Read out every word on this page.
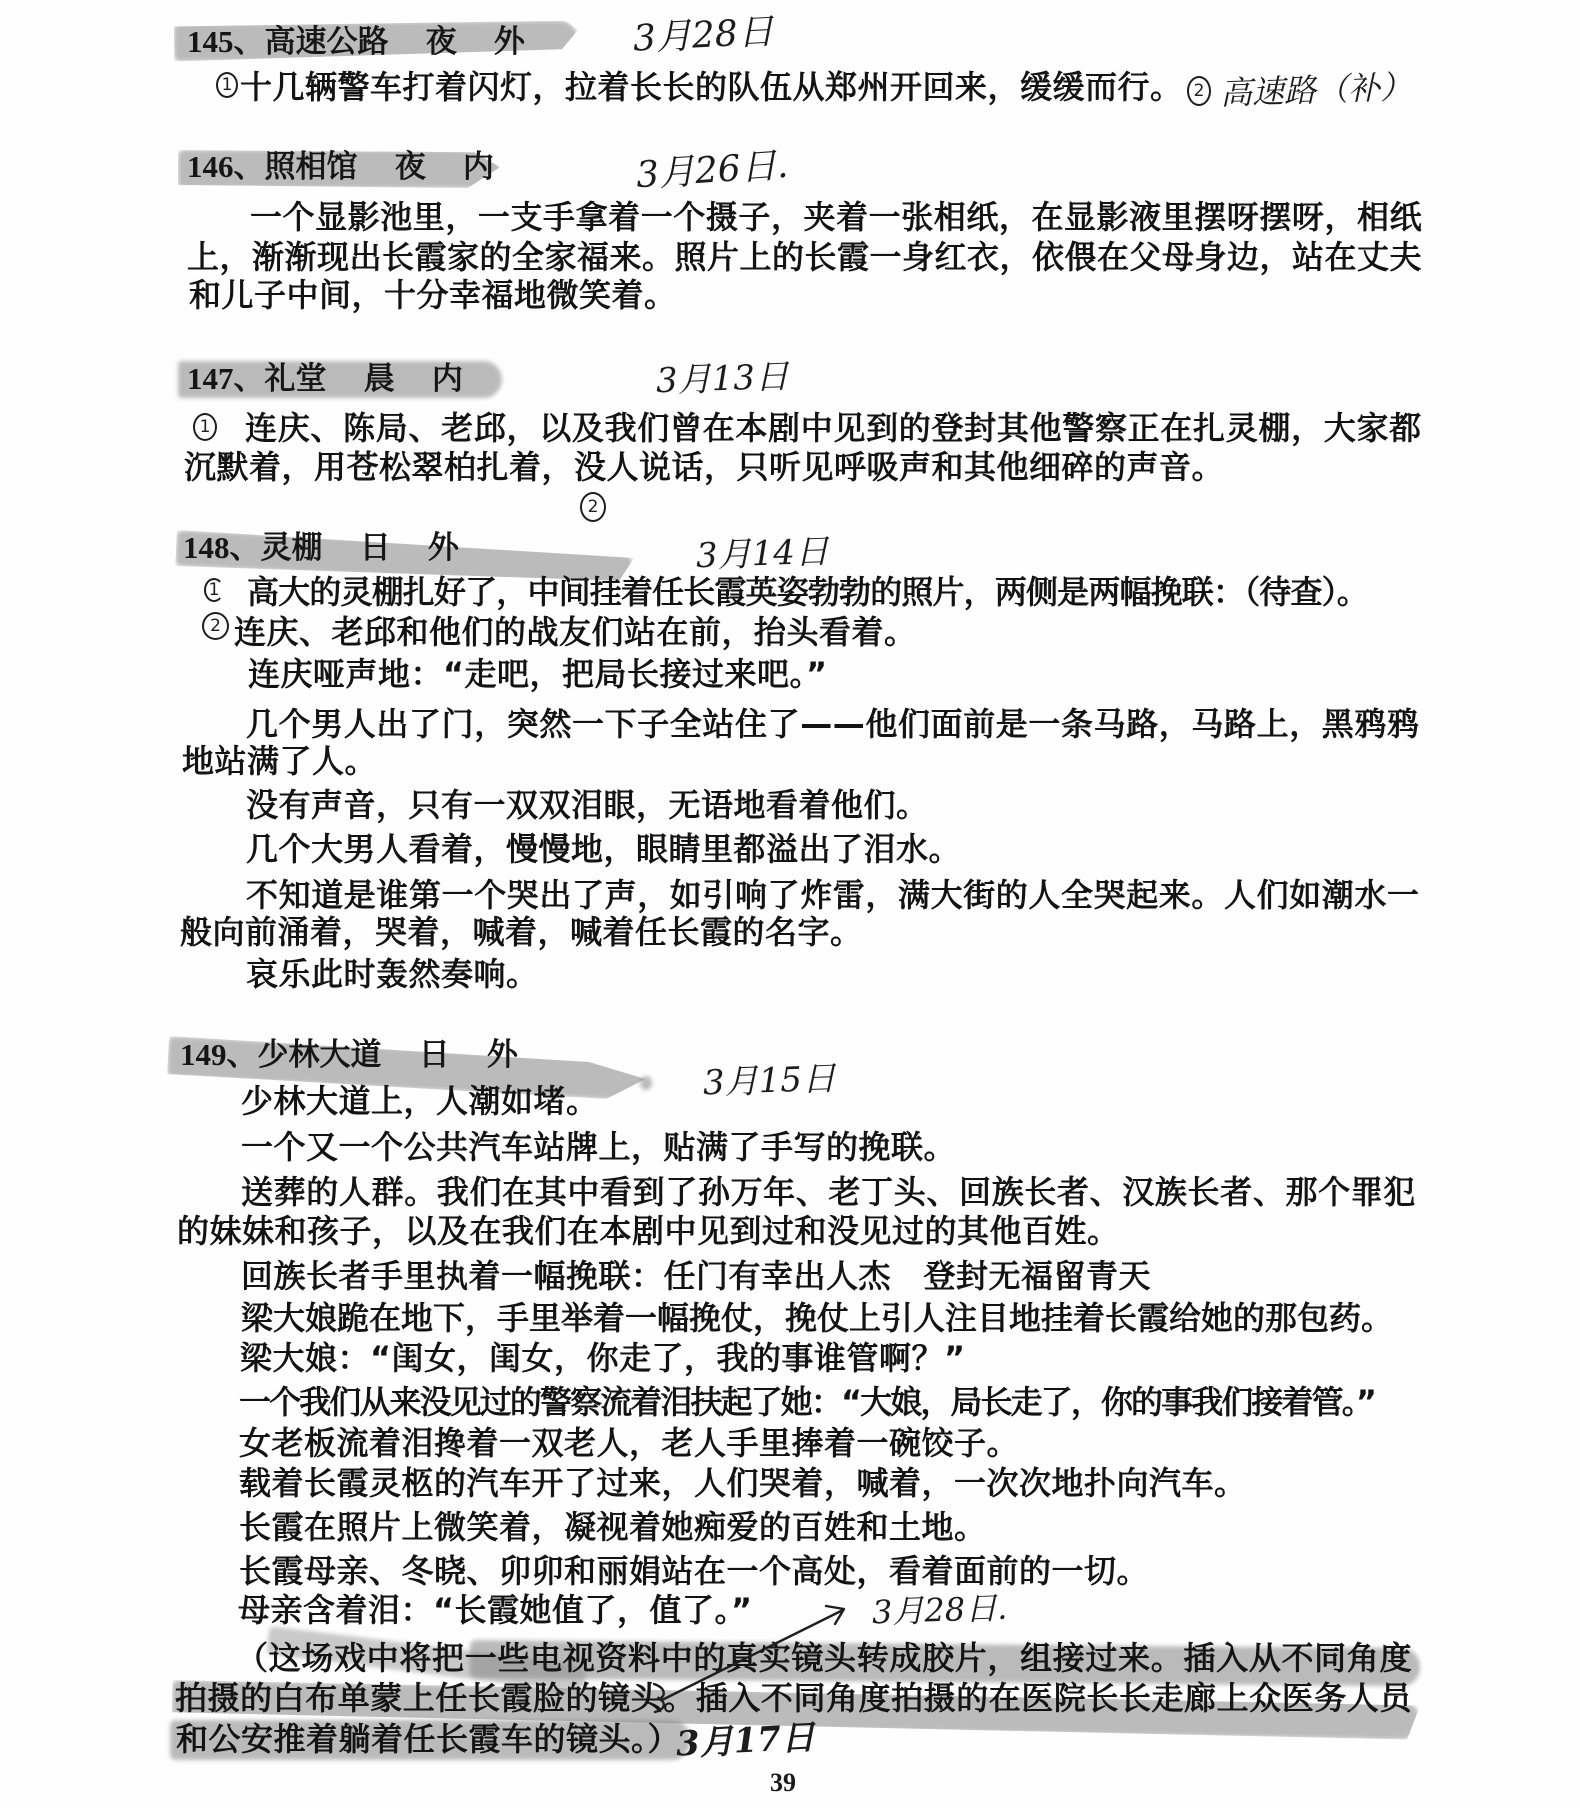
145、 高速公路 夜 外	3月28日
1 十几辆警车打着闪灯，拉着长长的队伍从郑州开回来，缓缓而行。 2 高速路（补）
146、 照相馆 夜 内	3月26日.
一个显影池里，一支手拿着一个摄子，夹着一张相纸，在显影液里摆呀摆呀，相纸
上，渐渐现出长霞家的全家福来。照片上的长霞一身红衣，依偎在父母身边，站在丈夫
和儿子中间，十分幸福地微笑着。
147、 礼堂 晨 内	3月13日
1 连庆、陈局、老邱，以及我们曾在本剧中见到的登封其他警察正在扎灵棚，大家都
沉默着，用苍松翠柏扎着，没人说话，只听见呼吸声和其他细碎的声音。
2
148、 灵棚 日 外	3月14日
1 高大的灵棚扎好了，中间挂着任长霞英姿勃勃的照片，两侧是两幅挽联：（待查）。
2 连庆、老邱和他们的战友们站在前，抬头看着。
连庆哑声地：“走吧，把局长接过来吧。”
几个男人出了门，突然一下子全站住了——他们面前是一条马路，马路上，黑鸦鸦
地站满了人。
没有声音，只有一双双泪眼，无语地看着他们。
几个大男人看着，慢慢地，眼睛里都溢出了泪水。
不知道是谁第一个哭出了声，如引响了炸雷，满大街的人全哭起来。人们如潮水一
般向前涌着，哭着，喊着，喊着任长霞的名字。
哀乐此时轰然奏响。
149、 少林大道 日 外
3月15日
少林大道上，人潮如堵。
一个又一个公共汽车站牌上，贴满了手写的挽联。
送葬的人群。我们在其中看到了孙万年、老丁头、回族长者、汉族长者、那个罪犯
的妹妹和孩子，以及在我们在本剧中见到过和没见过的其他百姓。
回族长者手里执着一幅挽联：任门有幸出人杰　登封无福留青天
梁大娘跪在地下，手里举着一幅挽仗，挽仗上引人注目地挂着长霞给她的那包药。
梁大娘：“闺女，闺女，你走了，我的事谁管啊？”
一个我们从来没见过的警察流着泪扶起了她：“大娘，局长走了，你的事我们接着管。”
女老板流着泪搀着一双老人，老人手里捧着一碗饺子。
载着长霞灵柩的汽车开了过来，人们哭着，喊着，一次次地扑向汽车。
长霞在照片上微笑着，凝视着她痴爱的百姓和土地。
长霞母亲、冬晓、卯卯和丽娟站在一个高处，看着面前的一切。
母亲含着泪：“长霞她值了，值了。”
（这场戏中将把一些电视资料中的真实镜头转成胶片，组接过来。插入从不同角度
拍摄的白布单蒙上任长霞脸的镜头。插入不同角度拍摄的在医院长长走廊上众医务人员
和公安推着躺着任长霞车的镜头。）
3月28日.
3月17日
39
